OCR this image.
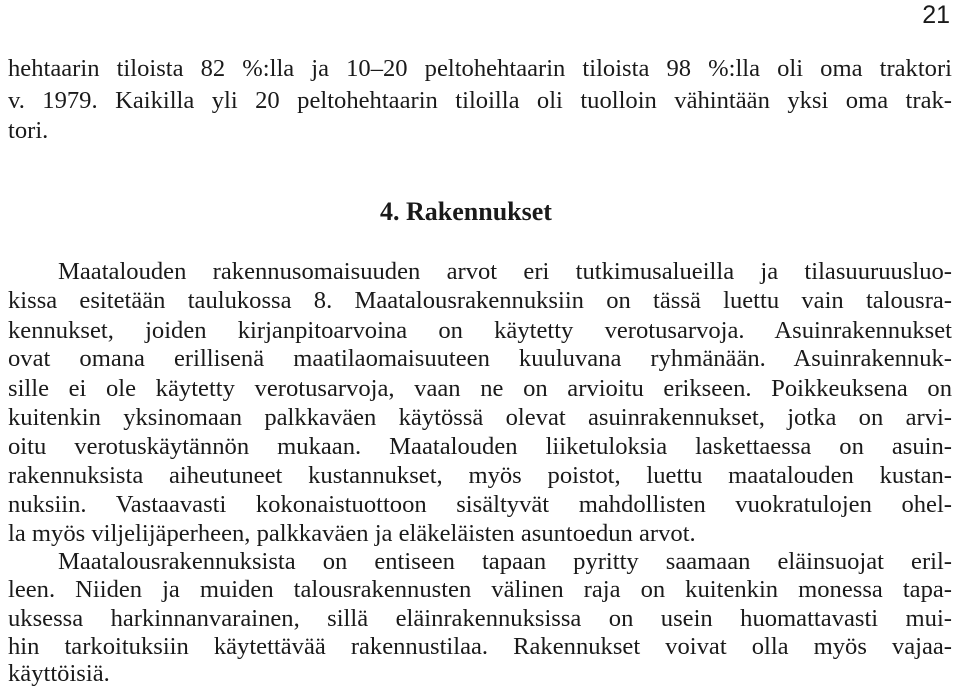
21
hehtaarin tiloista 82 %:lla ja 10–20 peltohehtaarin tiloista 98 %:lla oli oma traktori
v. 1979. Kaikilla yli 20 peltohehtaarin tiloilla oli tuolloin vähintään yksi oma trak-
tori.
4. Rakennukset
Maatalouden rakennusomaisuuden arvot eri tutkimusalueilla ja tilasuuruusluo-
kissa esitetään taulukossa 8. Maatalousrakennuksiin on tässä luettu vain talousra-
kennukset, joiden kirjanpitoarvoina on käytetty verotusarvoja. Asuinrakennukset
ovat omana erillisenä maatilaomaisuuteen kuuluvana ryhmänään. Asuinrakennuk-
sille ei ole käytetty verotusarvoja, vaan ne on arvioitu erikseen. Poikkeuksena on
kuitenkin yksinomaan palkkaväen käytössä olevat asuinrakennukset, jotka on arvi-
oitu verotuskäytännön mukaan. Maatalouden liiketuloksia laskettaessa on asuin-
rakennuksista aiheutuneet kustannukset, myös poistot, luettu maatalouden kustan-
nuksiin. Vastaavasti kokonaistuottoon sisältyvät mahdollisten vuokratulojen ohel-
la myös viljelijäperheen, palkkaväen ja eläkeläisten asuntoedun arvot.
Maatalousrakennuksista on entiseen tapaan pyritty saamaan eläinsuojat eril-
leen. Niiden ja muiden talousrakennusten välinen raja on kuitenkin monessa tapa-
uksessa harkinnanvarainen, sillä eläinrakennuksissa on usein huomattavasti mui-
hin tarkoituksiin käytettävää rakennustilaa. Rakennukset voivat olla myös vajaa-
käyttöisiä.
